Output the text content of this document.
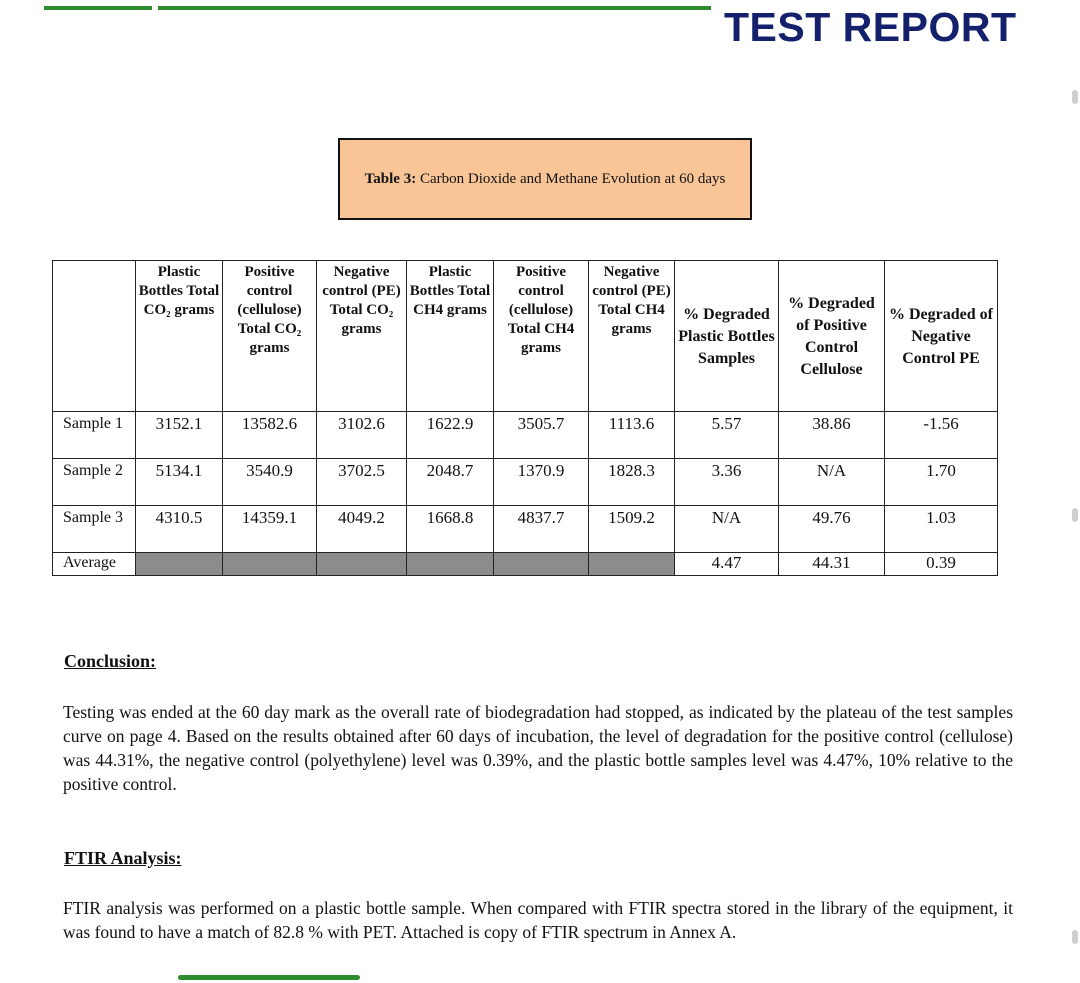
TEST REPORT
Table 3: Carbon Dioxide and Methane Evolution at 60 days
	Plastic Bottles Total CO₂ grams	Positive control (cellulose) Total CO₂ grams	Negative control (PE) Total CO₂ grams	Plastic Bottles Total CH4 grams	Positive control (cellulose) Total CH4 grams	Negative control (PE) Total CH4 grams	% Degraded Plastic Bottles Samples	% Degraded of Positive Control Cellulose	% Degraded of Negative Control PE
Sample 1	3152.1	13582.6	3102.6	1622.9	3505.7	1113.6	5.57	38.86	-1.56
Sample 2	5134.1	3540.9	3702.5	2048.7	1370.9	1828.3	3.36	N/A	1.70
Sample 3	4310.5	14359.1	4049.2	1668.8	4837.7	1509.2	N/A	49.76	1.03
Average							4.47	44.31	0.39
Conclusion:
Testing was ended at the 60 day mark as the overall rate of biodegradation had stopped, as indicated by the plateau of the test samples curve on page 4. Based on the results obtained after 60 days of incubation, the level of degradation for the positive control (cellulose) was 44.31%, the negative control (polyethylene) level was 0.39%, and the plastic bottle samples level was 4.47%, 10% relative to the positive control.
FTIR Analysis:
FTIR analysis was performed on a plastic bottle sample. When compared with FTIR spectra stored in the library of the equipment, it was found to have a match of 82.8 % with PET. Attached is copy of FTIR spectrum in Annex A.
